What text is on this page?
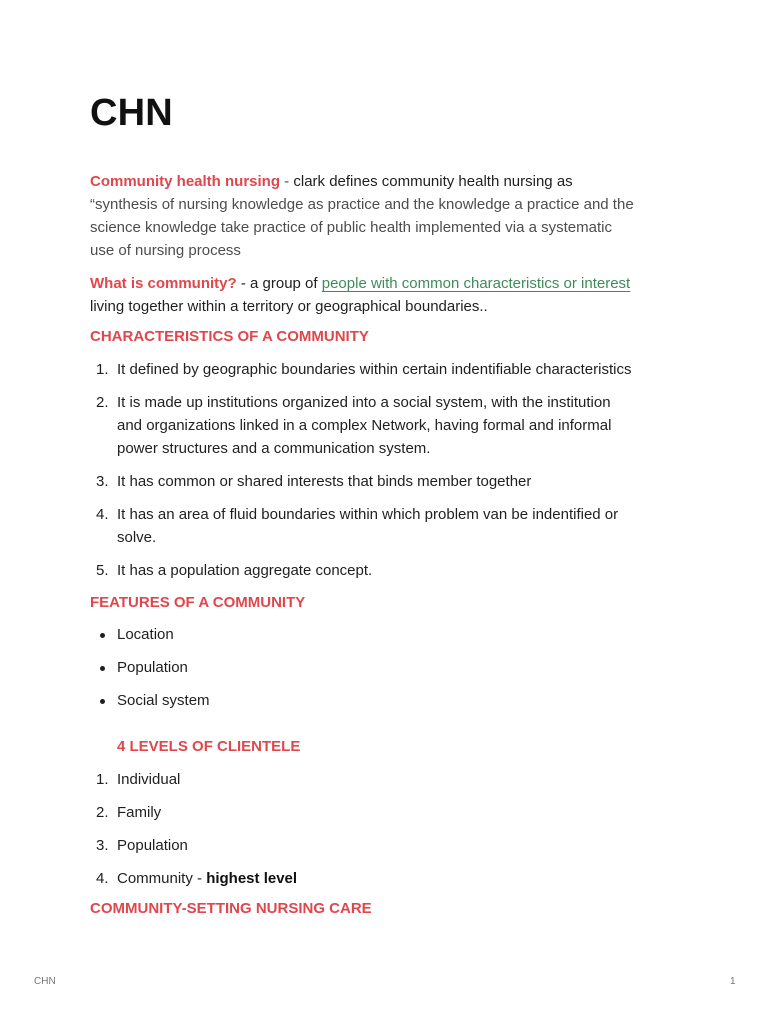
CHN
Community health nursing - clark defines community health nursing as
“synthesis of nursing knowledge as practice and the knowledge a practice and the
science knowledge take practice of public health implemented via a systematic
use of nursing process
What is community? - a group of people with common characteristics or interest
living together within a territory or geographical boundaries..
CHARACTERISTICS OF A COMMUNITY
1. It defined by geographic boundaries within certain indentifiable characteristics
2. It is made up institutions organized into a social system, with the institution
and organizations linked in a complex Network, having formal and informal
power structures and a communication system.
3. It has common or shared interests that binds member together
4. It has an area of fluid boundaries within which problem van be indentified or
solve.
5. It has a population aggregate concept.
FEATURES OF A COMMUNITY
Location
Population
Social system
4 LEVELS OF CLIENTELE
1. Individual
2. Family
3. Population
4. Community - highest level
COMMUNITY-SETTING NURSING CARE
CHN	1
